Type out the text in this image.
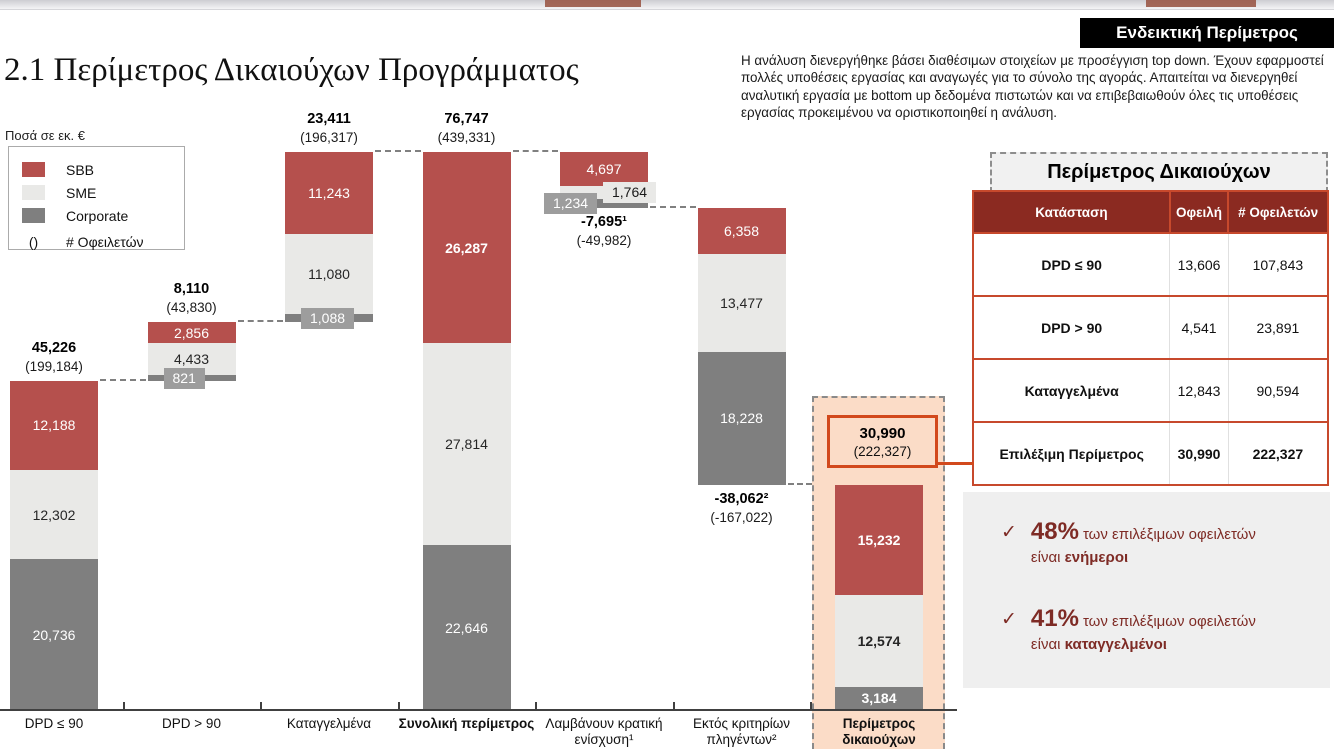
Ενδεικτική Περίμετρος
2.1 Περίμετρος Δικαιούχων Προγράμματος	Η ανάλυση διενεργήθηκε βάσει διαθέσιμων στοιχείων με προσέγγιση top down. Έχουν εφαρμοστεί πολλές υποθέσεις εργασίας και αναγωγές για το σύνολο της αγοράς. Απαιτείται να διενεργηθεί αναλυτική εργασία με bottom up δεδομένα πιστωτών και να επιβεβαιωθούν όλες τις υποθέσεις εργασίας προκειμένου να οριστικοποιηθεί η ανάλυση.

Ποσά σε εκ. €
SBB
SME
Corporate
()	# Οφειλετών
30,990
(222,327)
12,188
12,302
20,736
45,226
(199,184)
DPD ≤ 90
2,856
4,433
821
8,110
(43,830)
DPD > 90
11,243
11,080
1,088
23,411
(196,317)
Καταγγελμένα
26,287
27,814
22,646
76,747
(439,331)
Συνολική περίμετρος
4,697
1,764
1,234
-7,695¹
(-49,982)
Λαμβάνουν κρατική ενίσχυση¹
6,358
13,477
18,228
-38,062²
(-167,022)
Εκτός κριτηρίων πληγέντων²
15,232
12,574
3,184
Περίμετρος δικαιούχων
Περίμετρος Δικαιούχων
Κατάσταση	Οφειλή	# Οφειλετών
DPD ≤ 90	13,606	107,843
DPD > 90	4,541	23,891
Καταγγελμένα	12,843	90,594
Επιλέξιμη Περίμετρος	30,990	222,327
✓ 48% των επιλέξιμων οφειλετών
είναι ενήμεροι
✓ 41% των επιλέξιμων οφειλετών
είναι καταγγελμένοι
